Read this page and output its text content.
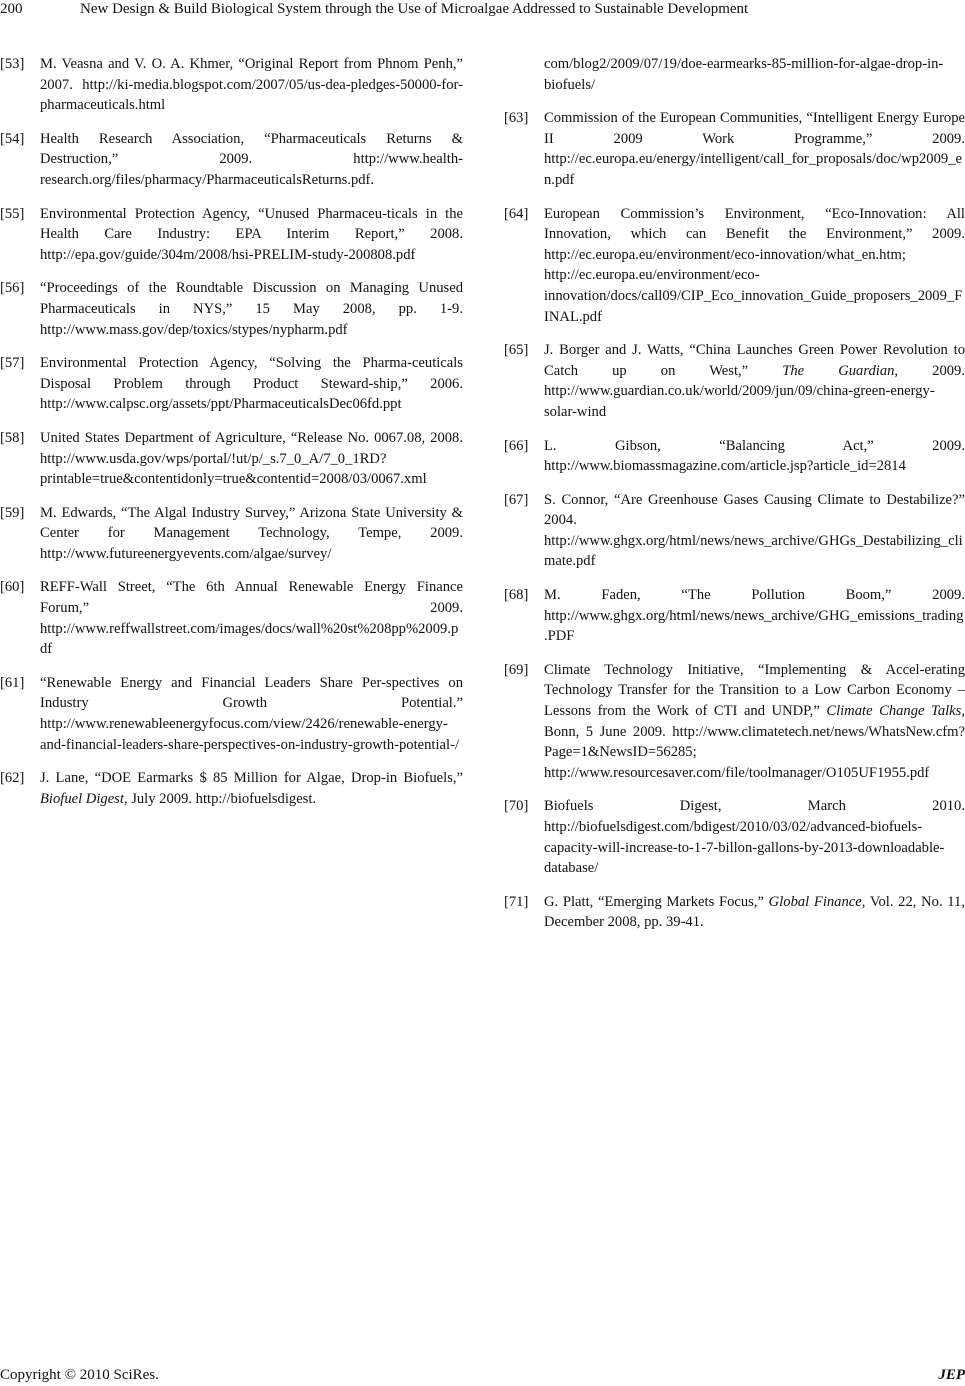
200	New Design & Build Biological System through the Use of Microalgae Addressed to Sustainable Development
[53] M. Veasna and V. O. A. Khmer, “Original Report from Phnom Penh,” 2007. http://ki-media.blogspot.com/2007/05/us-dea-pledges-50000-for-pharmaceuticals.html
[54] Health Research Association, “Pharmaceuticals Returns & Destruction,” 2009. http://www.health-research.org/files/pharmacy/PharmaceuticalsReturns.pdf.
[55] Environmental Protection Agency, “Unused Pharmaceu-ticals in the Health Care Industry: EPA Interim Report,” 2008. http://epa.gov/guide/304m/2008/hsi-PRELIM-study-200808.pdf
[56] “Proceedings of the Roundtable Discussion on Managing Unused Pharmaceuticals in NYS,” 15 May 2008, pp. 1-9. http://www.mass.gov/dep/toxics/stypes/nypharm.pdf
[57] Environmental Protection Agency, “Solving the Pharma-ceuticals Disposal Problem through Product Steward-ship,” 2006. http://www.calpsc.org/assets/ppt/PharmaceuticalsDec06fd.ppt
[58] United States Department of Agriculture, “Release No. 0067.08, 2008. http://www.usda.gov/wps/portal/!ut/p/_s.7_0_A/7_0_1RD?printable=true&contentidonly=true&contentid=2008/03/0067.xml
[59] M. Edwards, “The Algal Industry Survey,” Arizona State University & Center for Management Technology, Tempe, 2009. http://www.futureenergyevents.com/algae/survey/
[60] REFF-Wall Street, “The 6th Annual Renewable Energy Finance Forum,” 2009. http://www.reffwallstreet.com/images/docs/wall%20st%208pp%2009.pdf
[61] “Renewable Energy and Financial Leaders Share Per-spectives on Industry Growth Potential.” http://www.renewableenergyfocus.com/view/2426/renewable-energy-and-financial-leaders-share-perspectives-on-industry-growth-potential-/
[62] J. Lane, “DOE Earmarks $ 85 Million for Algae, Drop-in Biofuels,” Biofuel Digest, July 2009. http://biofuelsdigest.
com/blog2/2009/07/19/doe-earmearks-85-million-for-algae-drop-in-biofuels/
[63] Commission of the European Communities, “Intelligent Energy Europe II 2009 Work Programme,” 2009. http://ec.europa.eu/energy/intelligent/call_for_proposals/doc/wp2009_en.pdf
[64] European Commission’s Environment, “Eco-Innovation: All Innovation, which can Benefit the Environment,” 2009. http://ec.europa.eu/environment/eco-innovation/what_en.htm; http://ec.europa.eu/environment/eco-innovation/docs/call09/CIP_Eco_innovation_Guide_proposers_2009_FINAL.pdf
[65] J. Borger and J. Watts, “China Launches Green Power Revolution to Catch up on West,” The Guardian, 2009. http://www.guardian.co.uk/world/2009/jun/09/china-green-energy-solar-wind
[66] L. Gibson, “Balancing Act,” 2009. http://www.biomassmagazine.com/article.jsp?article_id=2814
[67] S. Connor, “Are Greenhouse Gases Causing Climate to Destabilize?” 2004. http://www.ghgx.org/html/news/news_archive/GHGs_Destabilizing_climate.pdf
[68] M. Faden, “The Pollution Boom,” 2009. http://www.ghgx.org/html/news/news_archive/GHG_emissions_trading.PDF
[69] Climate Technology Initiative, “Implementing & Accel-erating Technology Transfer for the Transition to a Low Carbon Economy – Lessons from the Work of CTI and UNDP,” Climate Change Talks, Bonn, 5 June 2009. http://www.climatetech.net/news/WhatsNew.cfm?Page=1&NewsID=56285; http://www.resourcesaver.com/file/toolmanager/O105UF1955.pdf
[70] Biofuels Digest, March 2010. http://biofuelsdigest.com/bdigest/2010/03/02/advanced-biofuels-capacity-will-increase-to-1-7-billon-gallons-by-2013-downloadable-database/
[71] G. Platt, “Emerging Markets Focus,” Global Finance, Vol. 22, No. 11, December 2008, pp. 39-41.
Copyright © 2010 SciRes.	JEP
